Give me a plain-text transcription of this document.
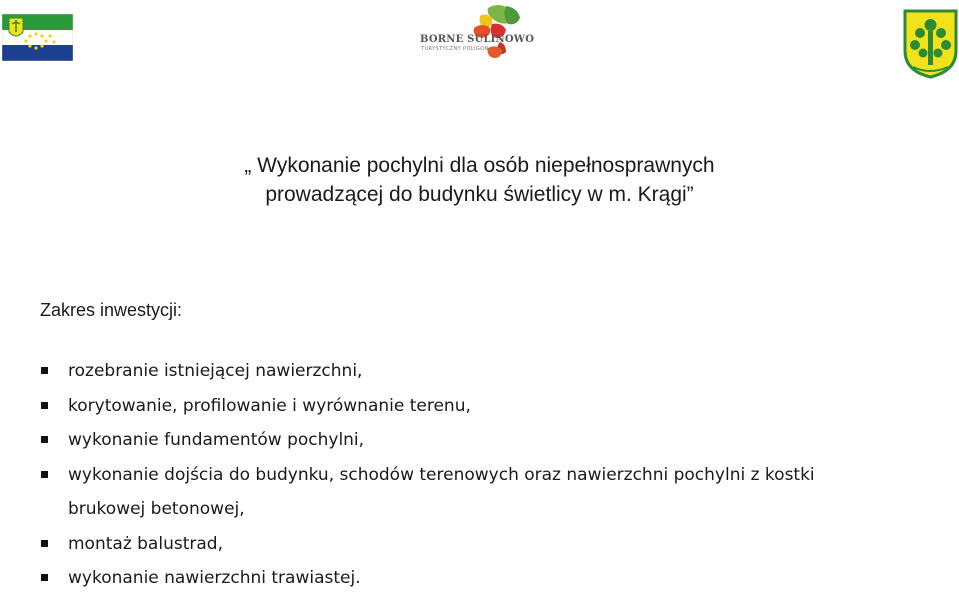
BORNE SULINOWO
TURYSTYCZNY POLIGON
„ Wykonanie pochylni dla osób niepełnosprawnych
prowadzącej do budynku świetlicy w m. Krągi”
Zakres inwestycji:
rozebranie istniejącej nawierzchni,
korytowanie, profilowanie i wyrównanie terenu,
wykonanie fundamentów pochylni,
wykonanie dojścia do budynku, schodów terenowych oraz nawierzchni pochylni z kostki
brukowej betonowej,
montaż balustrad,
wykonanie nawierzchni trawiastej.
